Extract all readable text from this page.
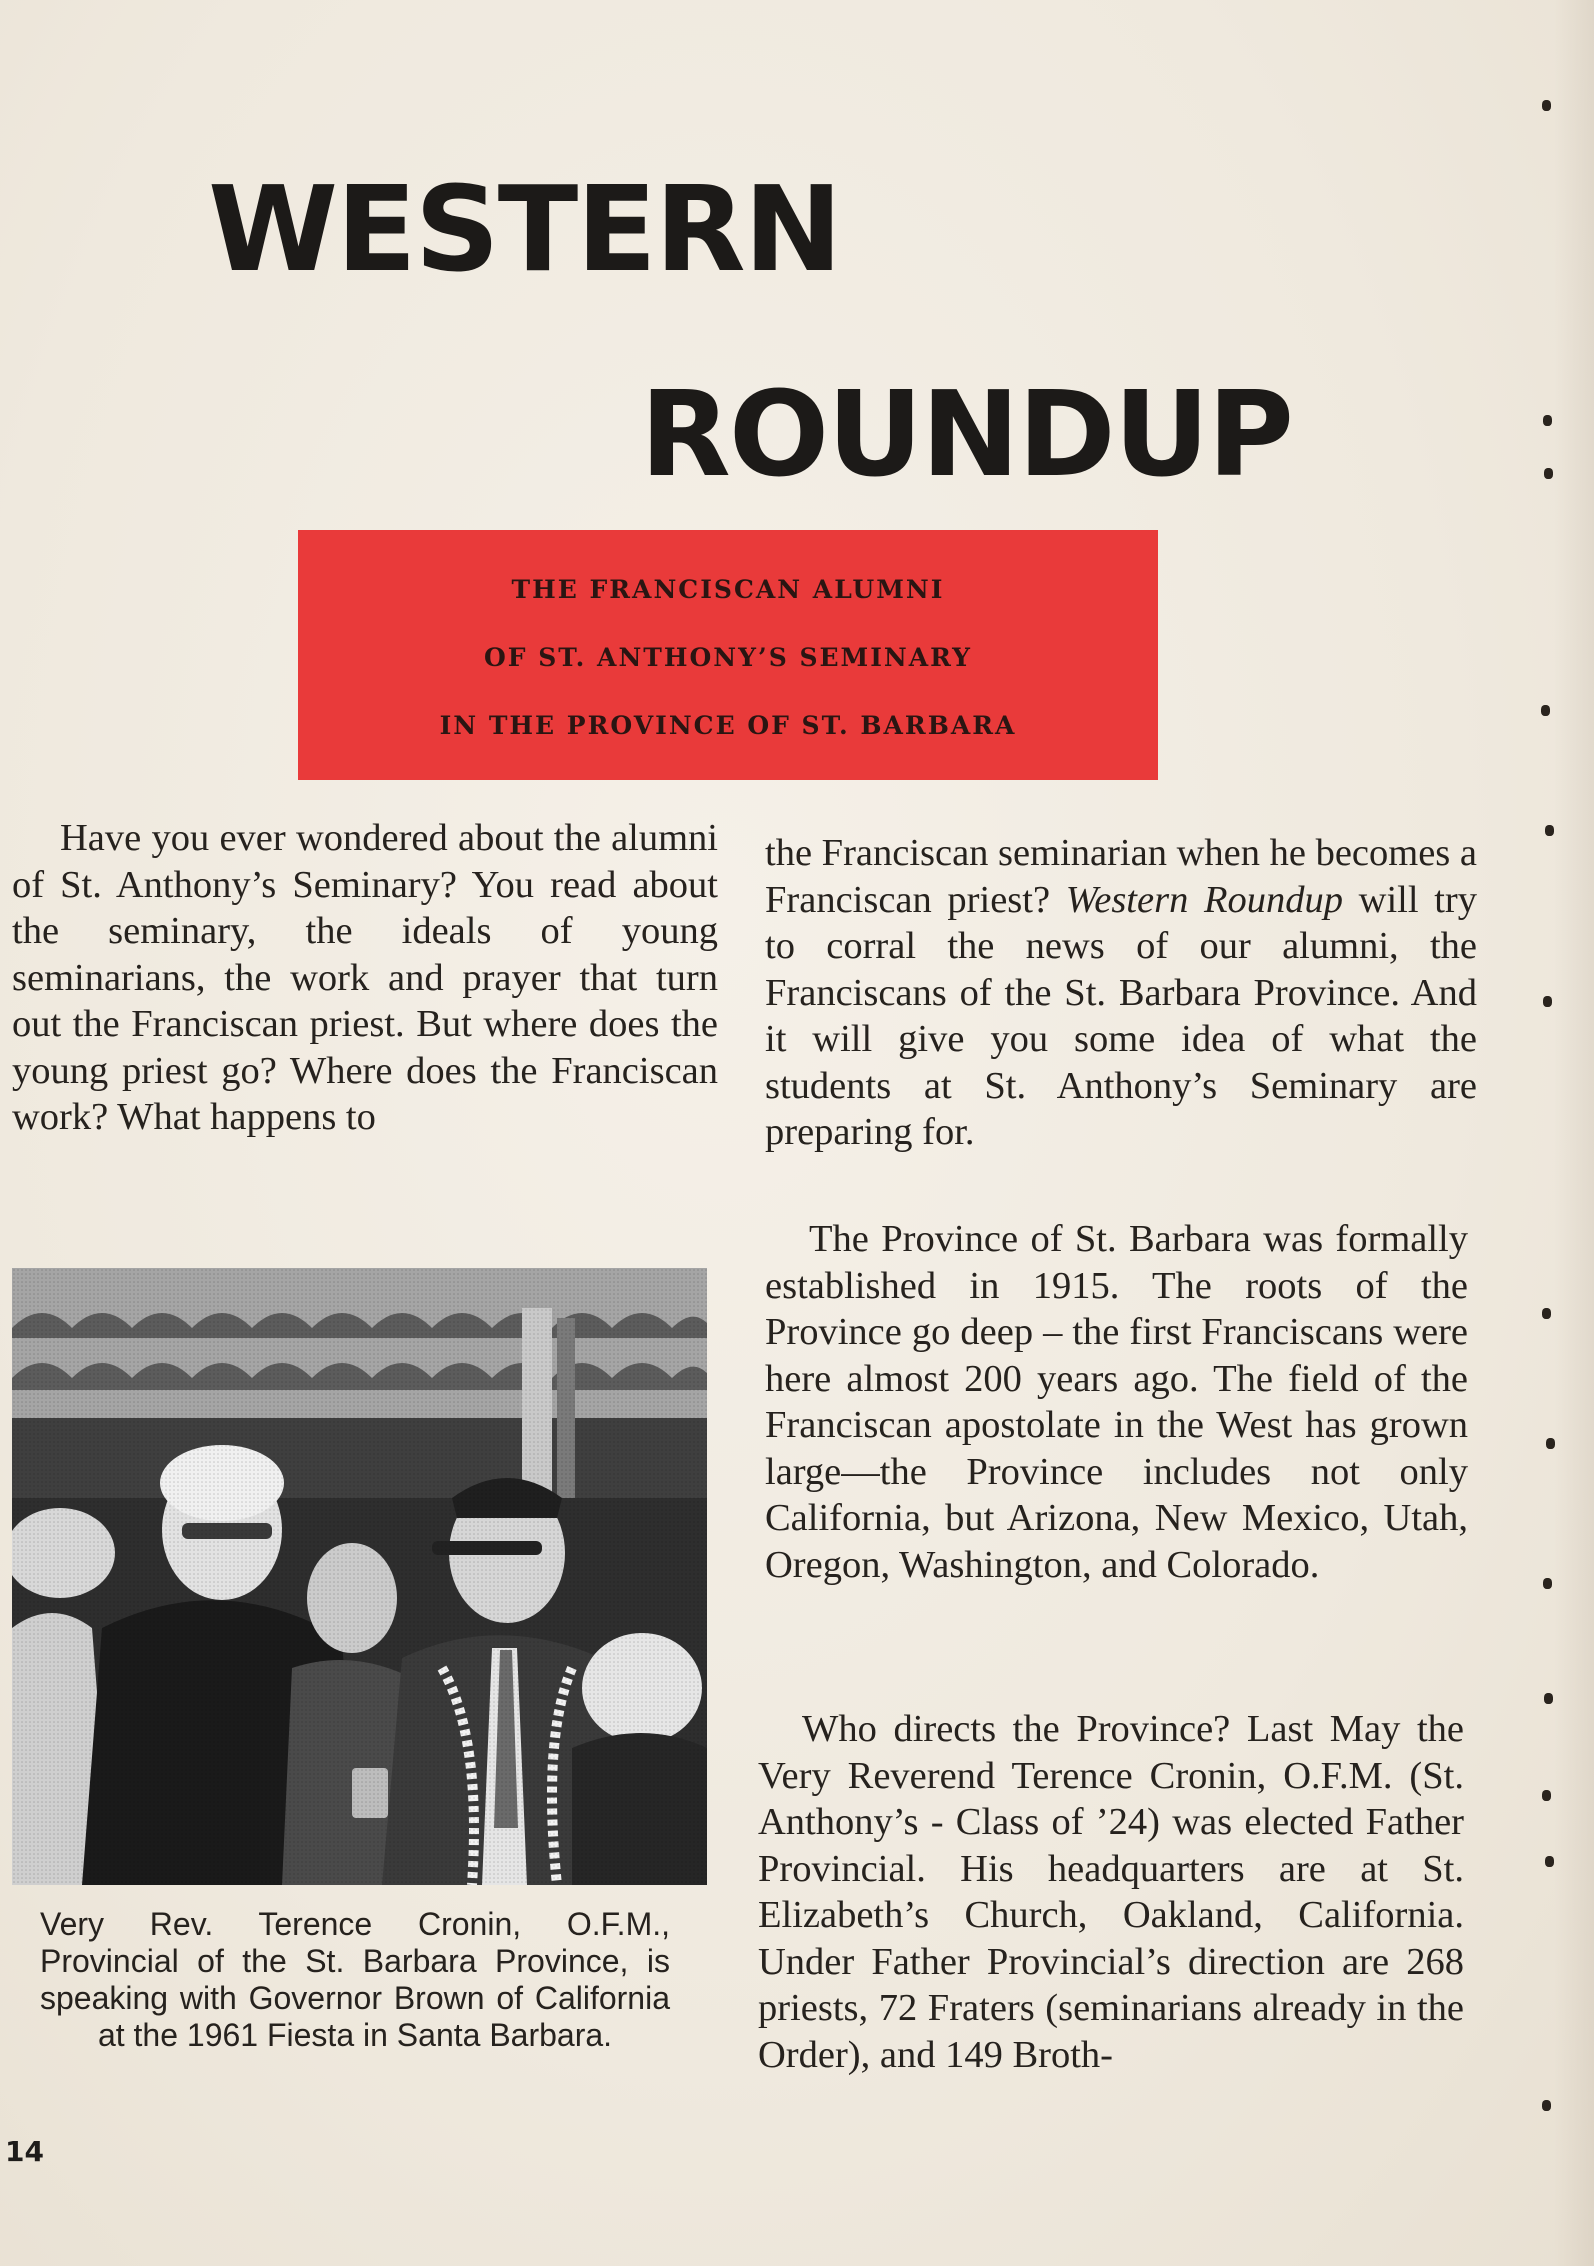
WESTERN
ROUNDUP
THE FRANCISCAN ALUMNI
OF ST. ANTHONY’S SEMINARY
IN THE PROVINCE OF ST. BARBARA

Have you ever wondered about the alumni of St. Anthony’s Seminary? You read about the seminary, the ideals of young seminarians, the work and prayer that turn out the Franciscan priest. But where does the young priest go? Where does the Franciscan work? What happens to

the Franciscan seminarian when he becomes a Franciscan priest? Western Roundup will try to corral the news of our alumni, the Franciscans of the St. Barbara Province. And it will give you some idea of what the students at St. Anthony’s Seminary are preparing for.

The Province of St. Barbara was formally established in 1915. The roots of the Province go deep – the first Franciscans were here almost 200 years ago. The field of the Franciscan apostolate in the West has grown large—the Province includes not only California, but Arizona, New Mexico, Utah, Oregon, Washington, and Colorado.

Who directs the Province? Last May the Very Reverend Terence Cronin, O.F.M. (St. Anthony’s - Class of ’24) was elected Father Provincial. His headquarters are at St. Elizabeth’s Church, Oakland, California. Under Father Provincial’s direction are 268 priests, 72 Fraters (seminarians already in the Order), and 149 Broth-

Very Rev. Terence Cronin, O.F.M., Provincial of the St. Barbara Province, is speaking with Governor Brown of California at the 1961 Fiesta in Santa Barbara.
14
